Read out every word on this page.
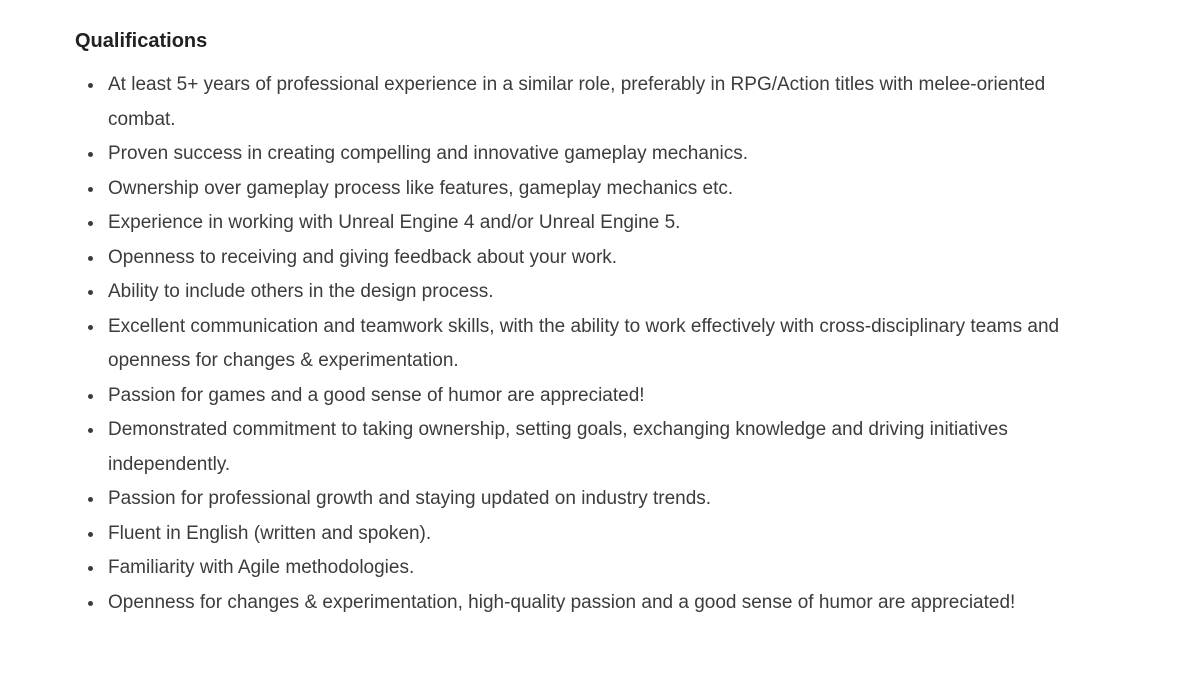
Qualifications
At least 5+ years of professional experience in a similar role, preferably in RPG/Action titles with melee-oriented combat.
Proven success in creating compelling and innovative gameplay mechanics.
Ownership over gameplay process like features, gameplay mechanics etc.
Experience in working with Unreal Engine 4 and/or Unreal Engine 5.
Openness to receiving and giving feedback about your work.
Ability to include others in the design process.
Excellent communication and teamwork skills, with the ability to work effectively with cross-disciplinary teams and openness for changes & experimentation.
Passion for games and a good sense of humor are appreciated!
Demonstrated commitment to taking ownership, setting goals, exchanging knowledge and driving initiatives independently.
Passion for professional growth and staying updated on industry trends.
Fluent in English (written and spoken).
Familiarity with Agile methodologies.
Openness for changes & experimentation, high-quality passion and a good sense of humor are appreciated!
